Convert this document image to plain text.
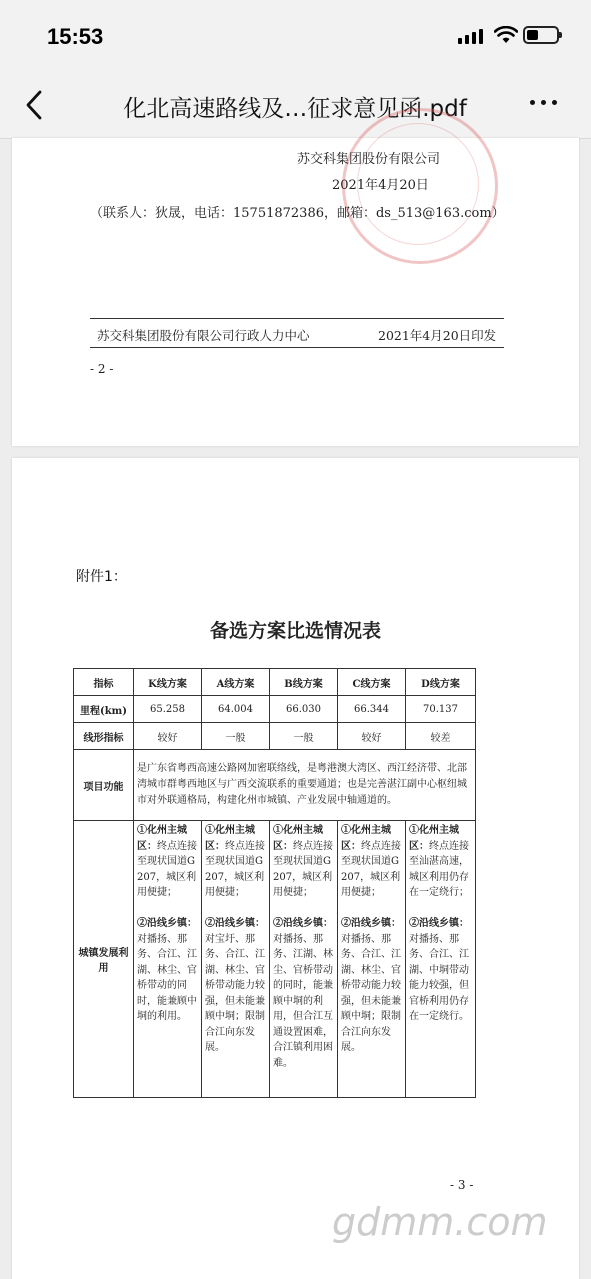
15:53
化北高速路线及…征求意见函.pdf
苏交科集团股份有限公司
2021年4月20日
（联系人：狄晟，电话：15751872386，邮箱：ds_513@163.com）
苏交科集团股份有限公司行政人力中心	2021年4月20日印发
- 2 -
附件1：
备选方案比选情况表
指标	K线方案	A线方案	B线方案	C线方案	D线方案
里程(km)	65.258	64.004	66.030	66.344	70.137
线形指标	较好	一般	一般	较好	较差
项目功能	是广东省粤西高速公路网加密联络线，是粤港澳大湾区、西江经济带、北部湾城市群粤西地区与广西交流联系的重要通道；也是完善湛江副中心枢纽城市对外联通格局，构建化州市城镇、产业发展中轴通道的。				
城镇发展利用	①化州主城区：终点连接至现状国道G207，城区利用便捷；

②沿线乡镇：
对播扬、那务、合江、江湖、林尘、官桥带动的同时，能兼顾中垌的利用。	①化州主城区：终点连接至现状国道G207，城区利用便捷；

②沿线乡镇：
对宝圩、那务、合江、江湖、林尘、官桥带动能力较强，但未能兼顾中垌；限制合江向东发展。	①化州主城区：终点连接至现状国道G207，城区利用便捷；

②沿线乡镇：
对播扬、那务、江湖、林尘、官桥带动的同时，能兼顾中垌的利用，但合江互通设置困难，合江镇利用困难。	①化州主城区：终点连接至现状国道G207，城区利用便捷；

②沿线乡镇：
对播扬、那务、合江、江湖、林尘、官桥带动能力较强，但未能兼顾中垌；限制合江向东发展。	①化州主城区：终点连接至汕湛高速，城区利用仍存在一定绕行；

②沿线乡镇：
对播扬、那务、合江、江湖、中垌带动能力较强，但官桥利用仍存在一定绕行。
- 3 -
gdmm.com
